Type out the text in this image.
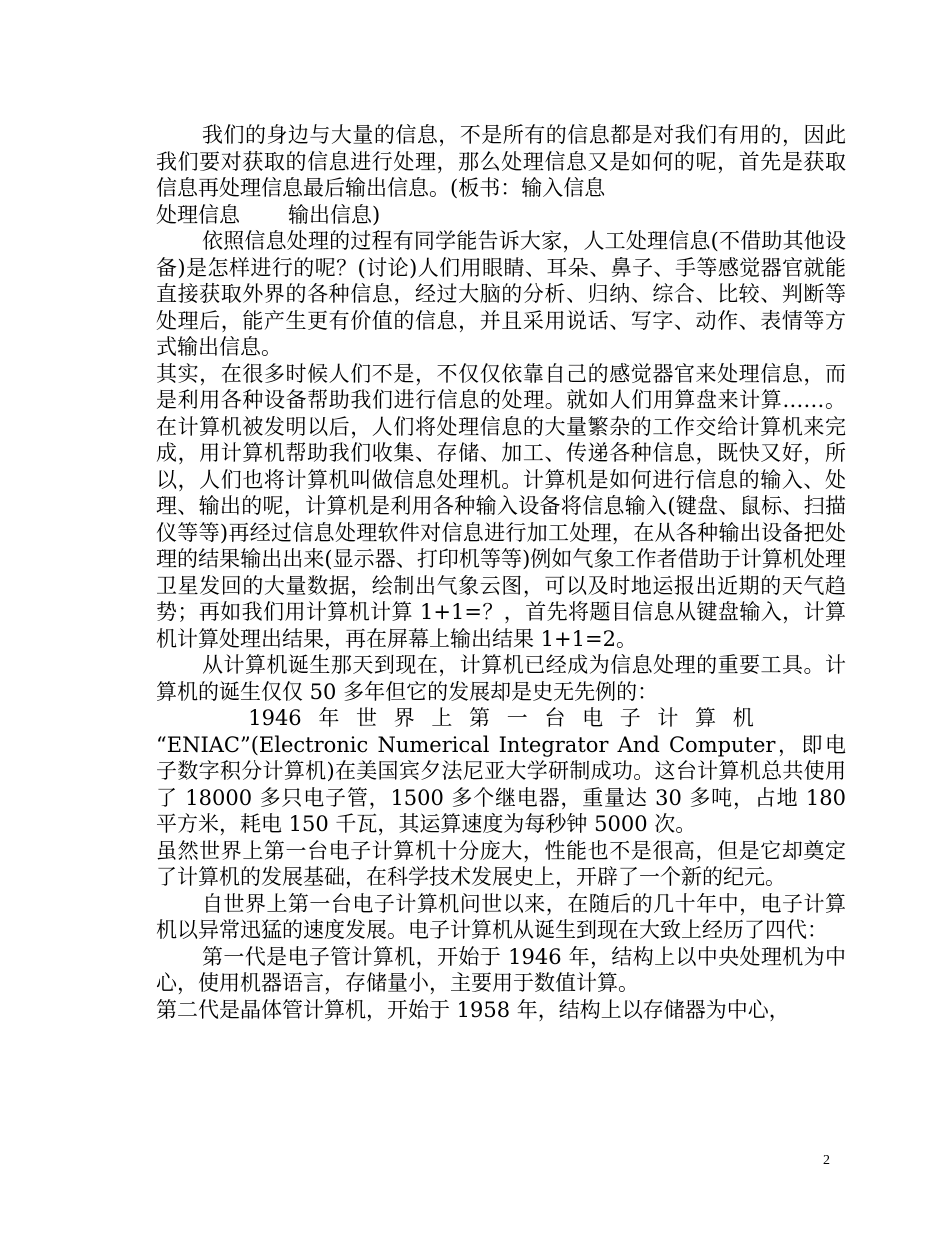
我们的身边与大量的信息，不是所有的信息都是对我们有用的，因此我们要对获取的信息进行处理，那么处理信息又是如何的呢，首先是获取信息再处理信息最后输出信息。(板书：输入信息

处理信息 输出信息)

依照信息处理的过程有同学能告诉大家，人工处理信息(不借助其他设备)是怎样进行的呢？(讨论)人们用眼睛、耳朵、鼻子、手等感觉器官就能直接获取外界的各种信息，经过大脑的分析、归纳、综合、比较、判断等处理后，能产生更有价值的信息，并且采用说话、写字、动作、表情等方式输出信息。

其实，在很多时候人们不是，不仅仅依靠自己的感觉器官来处理信息，而是利用各种设备帮助我们进行信息的处理。就如人们用算盘来计算……。在计算机被发明以后，人们将处理信息的大量繁杂的工作交给计算机来完成，用计算机帮助我们收集、存储、加工、传递各种信息，既快又好，所以，人们也将计算机叫做信息处理机。计算机是如何进行信息的输入、处理、输出的呢，计算机是利用各种输入设备将信息输入(键盘、鼠标、扫描仪等等)再经过信息处理软件对信息进行加工处理，在从各种输出设备把处理的结果输出出来(显示器、打印机等等)例如气象工作者借助于计算机处理卫星发回的大量数据，绘制出气象云图，可以及时地运报出近期的天气趋势；再如我们用计算机计算 1+1=？，首先将题目信息从键盘输入，计算机计算处理出结果，再在屏幕上输出结果 1+1=2。

从计算机诞生那天到现在，计算机已经成为信息处理的重要工具。计算机的诞生仅仅 50 多年但它的发展却是史无先例的：

1946 年 世 界 上 第 一 台 电 子 计 算 机

“ENIAC”(Electronic Numerical Integrator And Computer，即电子数字积分计算机)在美国宾夕法尼亚大学研制成功。这台计算机总共使用了 18000 多只电子管，1500 多个继电器，重量达 30 多吨，占地 180 平方米，耗电 150 千瓦，其运算速度为每秒钟 5000 次。

虽然世界上第一台电子计算机十分庞大，性能也不是很高，但是它却奠定了计算机的发展基础，在科学技术发展史上，开辟了一个新的纪元。

自世界上第一台电子计算机问世以来，在随后的几十年中，电子计算机以异常迅猛的速度发展。电子计算机从诞生到现在大致上经历了四代：

第一代是电子管计算机，开始于 1946 年，结构上以中央处理机为中心，使用机器语言，存储量小，主要用于数值计算。

第二代是晶体管计算机，开始于 1958 年，结构上以存储器为中心，

2
